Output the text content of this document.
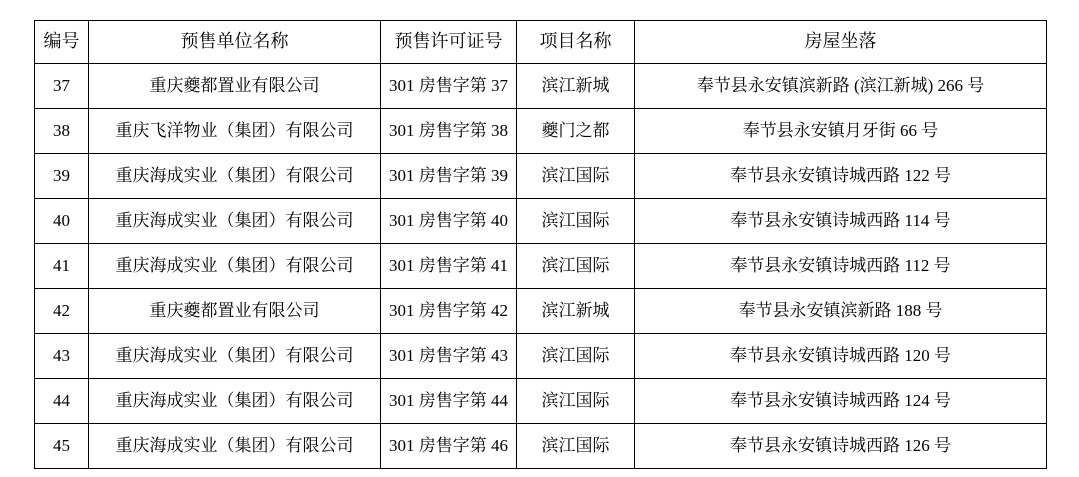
编号	预售单位名称	预售许可证号	项目名称	房屋坐落
37	重庆夔都置业有限公司	301 房售字第 37	滨江新城	奉节县永安镇滨新路 (滨江新城) 266 号
38	重庆飞洋物业（集团）有限公司	301 房售字第 38	夔门之都	奉节县永安镇月牙街 66 号
39	重庆海成实业（集团）有限公司	301 房售字第 39	滨江国际	奉节县永安镇诗城西路 122 号
40	重庆海成实业（集团）有限公司	301 房售字第 40	滨江国际	奉节县永安镇诗城西路 114 号
41	重庆海成实业（集团）有限公司	301 房售字第 41	滨江国际	奉节县永安镇诗城西路 112 号
42	重庆夔都置业有限公司	301 房售字第 42	滨江新城	奉节县永安镇滨新路 188 号
43	重庆海成实业（集团）有限公司	301 房售字第 43	滨江国际	奉节县永安镇诗城西路 120 号
44	重庆海成实业（集团）有限公司	301 房售字第 44	滨江国际	奉节县永安镇诗城西路 124 号
45	重庆海成实业（集团）有限公司	301 房售字第 46	滨江国际	奉节县永安镇诗城西路 126 号
